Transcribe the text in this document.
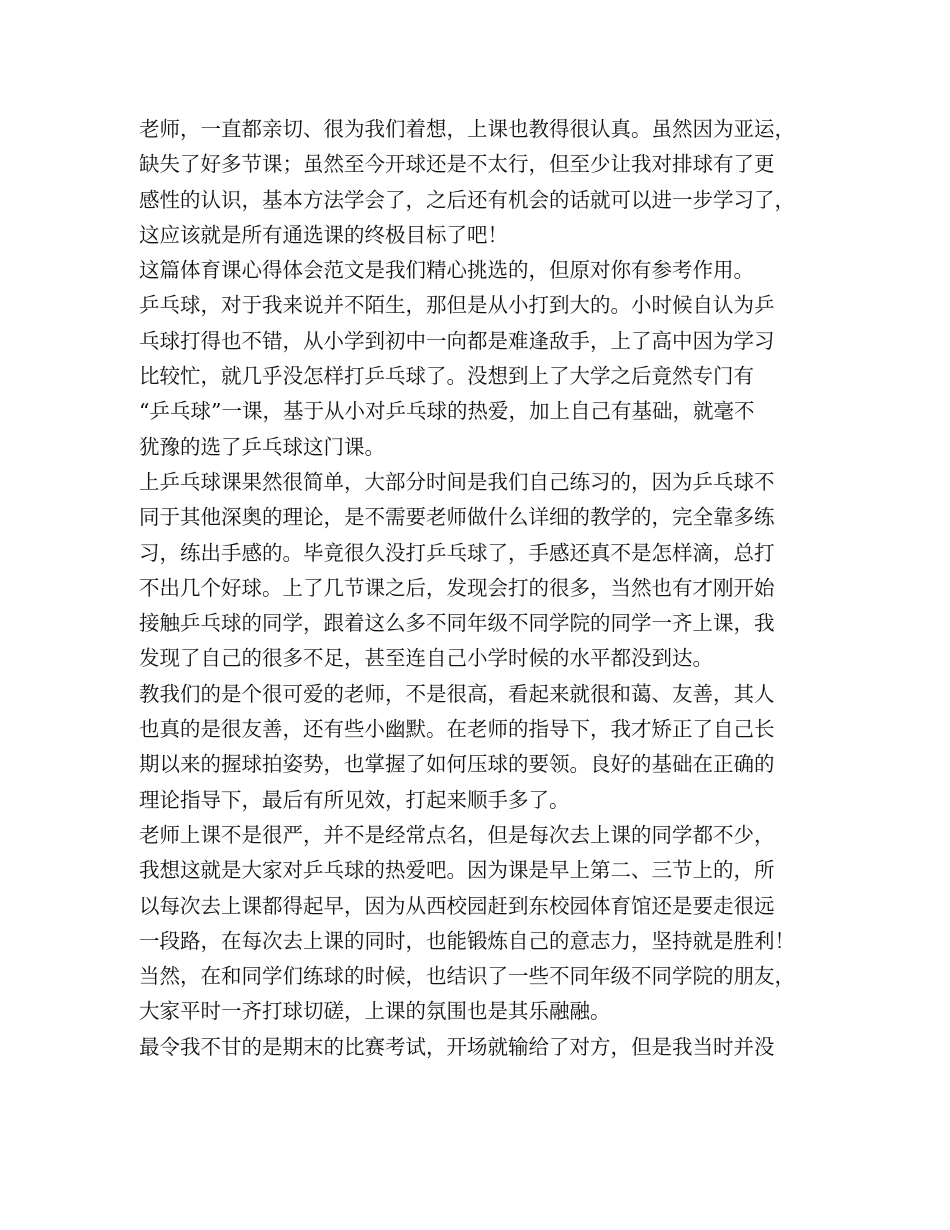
老师，一直都亲切、很为我们着想，上课也教得很认真。虽然因为亚运，
缺失了好多节课；虽然至今开球还是不太行，但至少让我对排球有了更
感性的认识，基本方法学会了，之后还有机会的话就可以进一步学习了，
这应该就是所有通选课的终极目标了吧！
这篇体育课心得体会范文是我们精心挑选的，但原对你有参考作用。
乒乓球，对于我来说并不陌生，那但是从小打到大的。小时候自认为乒
乓球打得也不错，从小学到初中一向都是难逢敌手，上了高中因为学习
比较忙，就几乎没怎样打乒乓球了。没想到上了大学之后竟然专门有
“乒乓球”一课，基于从小对乒乓球的热爱，加上自己有基础，就毫不
犹豫的选了乒乓球这门课。
上乒乓球课果然很简单，大部分时间是我们自己练习的，因为乒乓球不
同于其他深奥的理论，是不需要老师做什么详细的教学的，完全靠多练
习，练出手感的。毕竟很久没打乒乓球了，手感还真不是怎样滴，总打
不出几个好球。上了几节课之后，发现会打的很多，当然也有才刚开始
接触乒乓球的同学，跟着这么多不同年级不同学院的同学一齐上课，我
发现了自己的很多不足，甚至连自己小学时候的水平都没到达。
教我们的是个很可爱的老师，不是很高，看起来就很和蔼、友善，其人
也真的是很友善，还有些小幽默。在老师的指导下，我才矫正了自己长
期以来的握球拍姿势，也掌握了如何压球的要领。良好的基础在正确的
理论指导下，最后有所见效，打起来顺手多了。
老师上课不是很严，并不是经常点名，但是每次去上课的同学都不少，
我想这就是大家对乒乓球的热爱吧。因为课是早上第二、三节上的，所
以每次去上课都得起早，因为从西校园赶到东校园体育馆还是要走很远
一段路，在每次去上课的同时，也能锻炼自己的意志力，坚持就是胜利！
当然，在和同学们练球的时候，也结识了一些不同年级不同学院的朋友，
大家平时一齐打球切磋，上课的氛围也是其乐融融。
最令我不甘的是期末的比赛考试，开场就输给了对方，但是我当时并没
